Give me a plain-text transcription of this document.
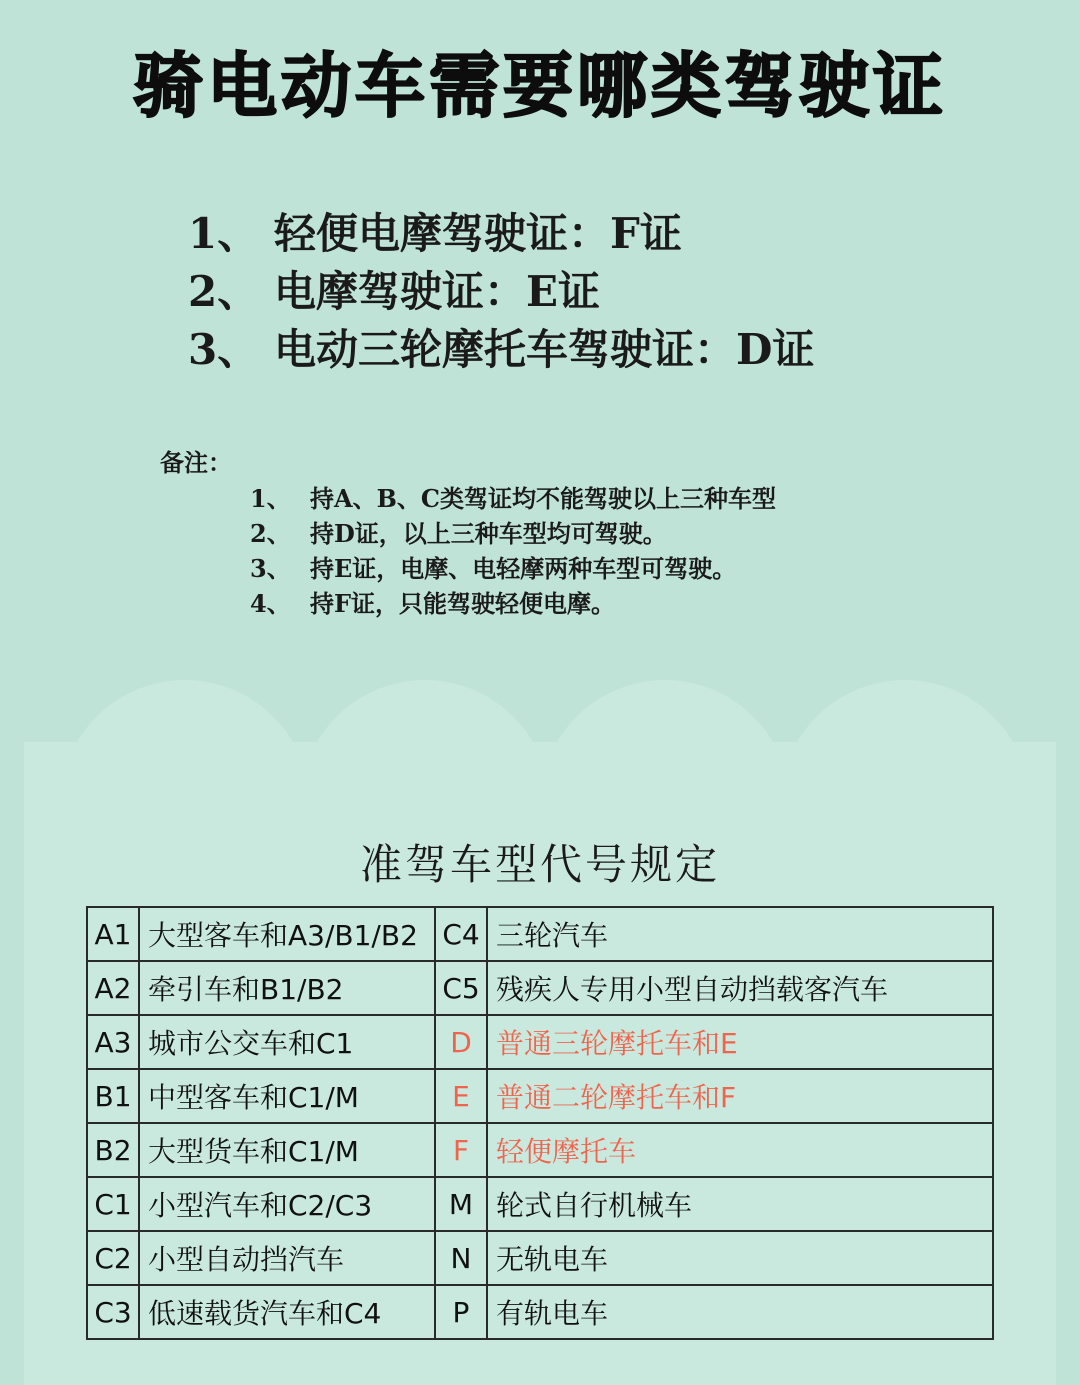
骑电动车需要哪类驾驶证
1、 轻便电摩驾驶证：F证
2、 电摩驾驶证：E证
3、 电动三轮摩托车驾驶证：D证
备注：
1、 持A、B、C类驾证均不能驾驶以上三种车型
2、 持D证，以上三种车型均可驾驶。
3、 持E证，电摩、电轻摩两种车型可驾驶。
4、 持F证，只能驾驶轻便电摩。
准驾车型代号规定
A1	大型客车和A3/B1/B2	C4	三轮汽车
A2	牵引车和B1/B2	C5	残疾人专用小型自动挡载客汽车
A3	城市公交车和C1	D	普通三轮摩托车和E
B1	中型客车和C1/M	E	普通二轮摩托车和F
B2	大型货车和C1/M	F	轻便摩托车
C1	小型汽车和C2/C3	M	轮式自行机械车
C2	小型自动挡汽车	N	无轨电车
C3	低速载货汽车和C4	P	有轨电车
